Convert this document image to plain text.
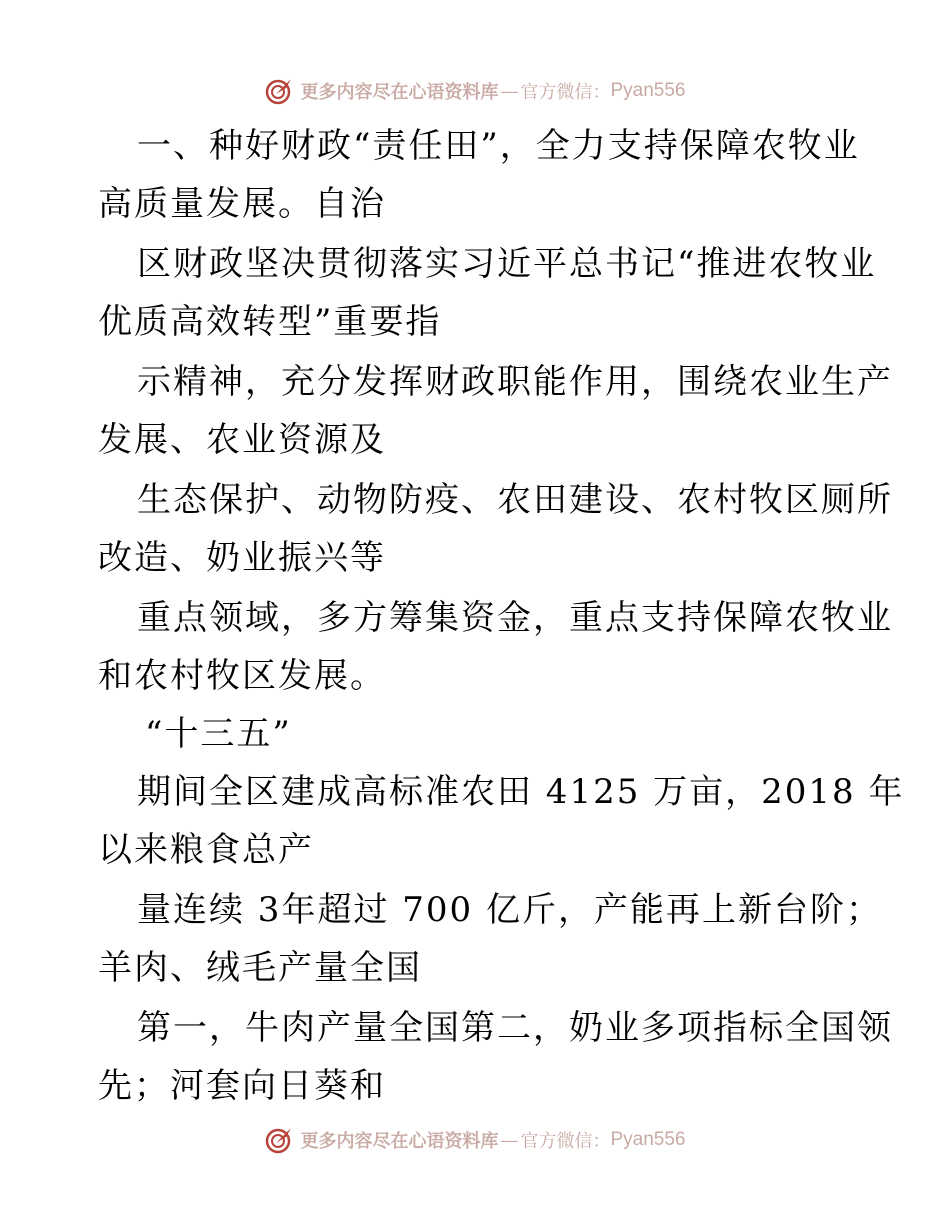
更多内容尽在心语资料库 — 官方微信： Pyan556
一、种好财政“责任田”，全力支持保障农牧业
高质量发展。自治
区财政坚决贯彻落实习近平总书记“推进农牧业
优质高效转型”重要指
示精神，充分发挥财政职能作用，围绕农业生产
发展、农业资源及
生态保护、动物防疫、农田建设、农村牧区厕所
改造、奶业振兴等
重点领域，多方筹集资金，重点支持保障农牧业
和农村牧区发展。
“十三五”
期间全区建成高标准农田 4125 万亩，2018 年
以来粮食总产
量连续 3年超过 700 亿斤，产能再上新台阶；
羊肉、绒毛产量全国
第一，牛肉产量全国第二，奶业多项指标全国领
先；河套向日葵和
更多内容尽在心语资料库 — 官方微信： Pyan556
